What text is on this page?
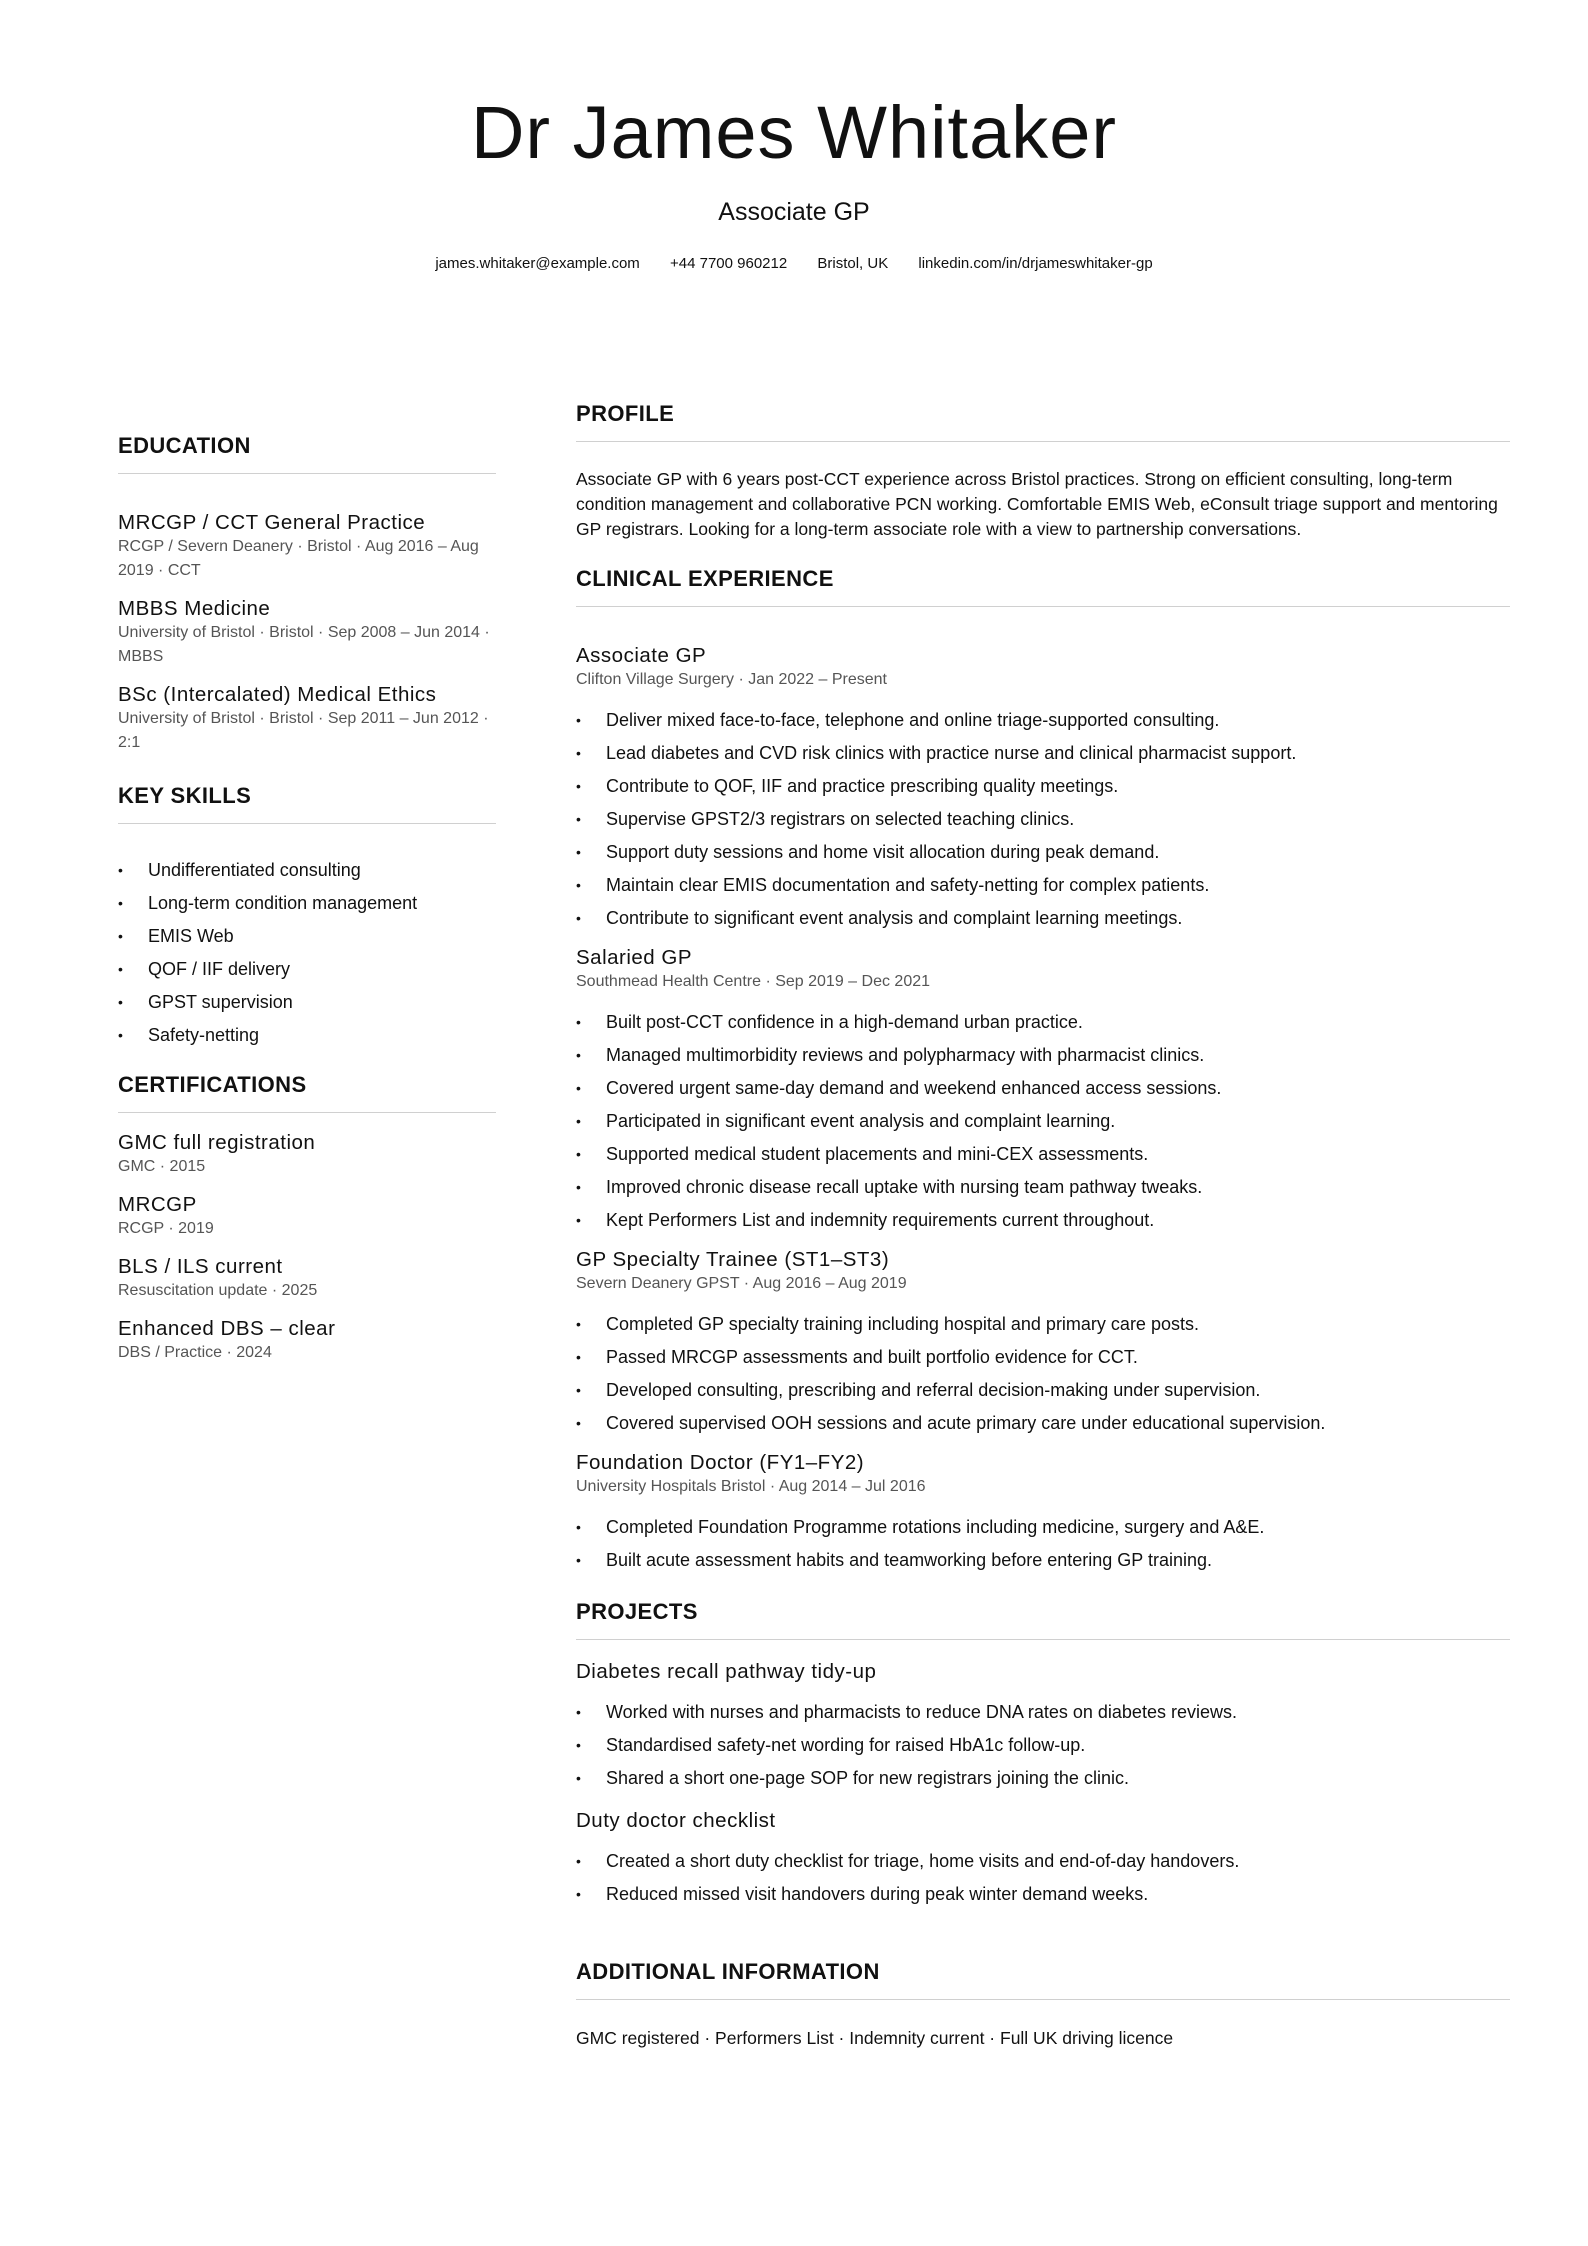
Dr James Whitaker
Associate GP
james.whitaker@example.com +44 7700 960212 Bristol, UK linkedin.com/in/drjameswhitaker-gp
EDUCATION
MRCGP / CCT General Practice
RCGP / Severn Deanery · Bristol · Aug 2016 – Aug 2019 · CCT
MBBS Medicine
University of Bristol · Bristol · Sep 2008 – Jun 2014 · MBBS
BSc (Intercalated) Medical Ethics
University of Bristol · Bristol · Sep 2011 – Jun 2012 · 2:1
KEY SKILLS
• Undifferentiated consulting
• Long-term condition management
• EMIS Web
• QOF / IIF delivery
• GPST supervision
• Safety-netting
CERTIFICATIONS
GMC full registration
GMC · 2015
MRCGP
RCGP · 2019
BLS / ILS current
Resuscitation update · 2025
Enhanced DBS – clear
DBS / Practice · 2024
PROFILE

Associate GP with 6 years post-CCT experience across Bristol practices. Strong on efficient consulting, long-term condition management and collaborative PCN working. Comfortable EMIS Web, eConsult triage support and mentoring GP registrars. Looking for a long-term associate role with a view to partnership conversations.

CLINICAL EXPERIENCE
Associate GP
Clifton Village Surgery · Jan 2022 – Present
• Deliver mixed face-to-face, telephone and online triage-supported consulting.
• Lead diabetes and CVD risk clinics with practice nurse and clinical pharmacist support.
• Contribute to QOF, IIF and practice prescribing quality meetings.
• Supervise GPST2/3 registrars on selected teaching clinics.
• Support duty sessions and home visit allocation during peak demand.
• Maintain clear EMIS documentation and safety-netting for complex patients.
• Contribute to significant event analysis and complaint learning meetings.
Salaried GP
Southmead Health Centre · Sep 2019 – Dec 2021
• Built post-CCT confidence in a high-demand urban practice.
• Managed multimorbidity reviews and polypharmacy with pharmacist clinics.
• Covered urgent same-day demand and weekend enhanced access sessions.
• Participated in significant event analysis and complaint learning.
• Supported medical student placements and mini-CEX assessments.
• Improved chronic disease recall uptake with nursing team pathway tweaks.
• Kept Performers List and indemnity requirements current throughout.
GP Specialty Trainee (ST1–ST3)
Severn Deanery GPST · Aug 2016 – Aug 2019
• Completed GP specialty training including hospital and primary care posts.
• Passed MRCGP assessments and built portfolio evidence for CCT.
• Developed consulting, prescribing and referral decision-making under supervision.
• Covered supervised OOH sessions and acute primary care under educational supervision.
Foundation Doctor (FY1–FY2)
University Hospitals Bristol · Aug 2014 – Jul 2016
• Completed Foundation Programme rotations including medicine, surgery and A&E.
• Built acute assessment habits and teamworking before entering GP training.
PROJECTS
Diabetes recall pathway tidy-up
• Worked with nurses and pharmacists to reduce DNA rates on diabetes reviews.
• Standardised safety-net wording for raised HbA1c follow-up.
• Shared a short one-page SOP for new registrars joining the clinic.
Duty doctor checklist
• Created a short duty checklist for triage, home visits and end-of-day handovers.
• Reduced missed visit handovers during peak winter demand weeks.
ADDITIONAL INFORMATION

GMC registered · Performers List · Indemnity current · Full UK driving licence
